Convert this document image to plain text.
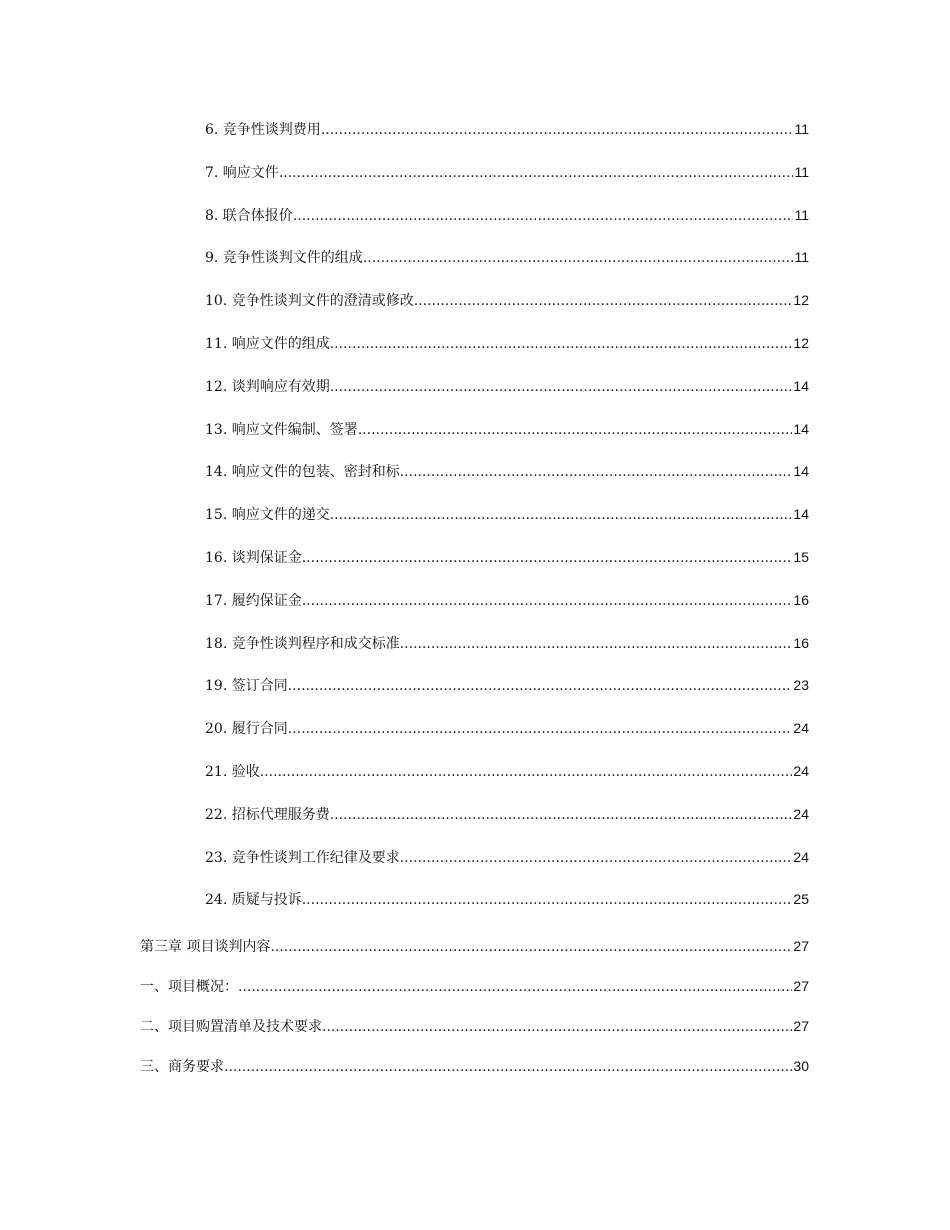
6. 竞争性谈判费用 .....	11
7. 响应文件 .....	11
8. 联合体报价 .....	11
9. 竞争性谈判文件的组成 .....	11
10. 竞争性谈判文件的澄清或修改 .....	12
11. 响应文件的组成 .....	12
12. 谈判响应有效期 .....	14
13. 响应文件编制、签署 .....	14
14. 响应文件的包装、密封和标 .....	14
15. 响应文件的递交 .....	14
16. 谈判保证金 .....	15
17. 履约保证金 .....	16
18. 竞争性谈判程序和成交标准 .....	16
19. 签订合同 .....	23
20. 履行合同 .....	24
21. 验收 .....	24
22. 招标代理服务费 .....	24
23. 竞争性谈判工作纪律及要求 .....	24
24. 质疑与投诉 .....	25
第三章 项目谈判内容 .....	27
一、项目概况： .....	27
二、项目购置清单及技术要求 .....	27
三、商务要求 .....	30
